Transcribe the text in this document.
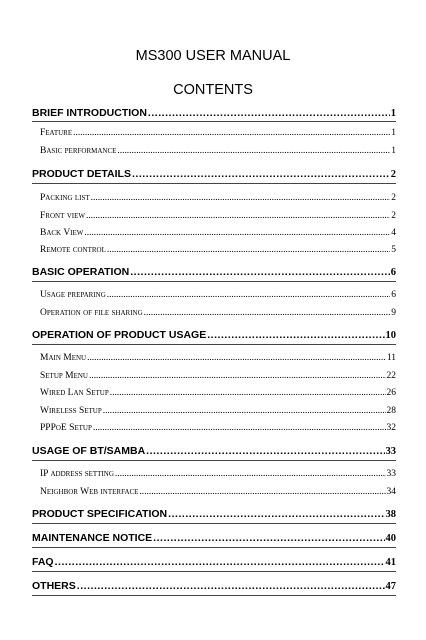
MS300 USER MANUAL
CONTENTS
BRIEF INTRODUCTION . . .	1
Feature . . .	1
Basic performance . . .	1
PRODUCT DETAILS . . .	2
Packing list . . .	2
Front view . . .	2
Back View . . .	4
Remote control . . .	5
BASIC OPERATION . . .	6
Usage preparing . . .	6
Operation of file sharing . . .	9
OPERATION OF PRODUCT USAGE . . .	10
Main Menu . . .	11
Setup Menu . . .	22
Wired Lan Setup . . .	26
Wireless Setup . . .	28
PPPoE Setup . . .	32
USAGE OF BT/SAMBA . . .	33
IP address setting . . .	33
Neighbor Web interface . . .	34
PRODUCT SPECIFICATION . . .	38
MAINTENANCE NOTICE . . .	40
FAQ . . .	41
OTHERS . . .	47
